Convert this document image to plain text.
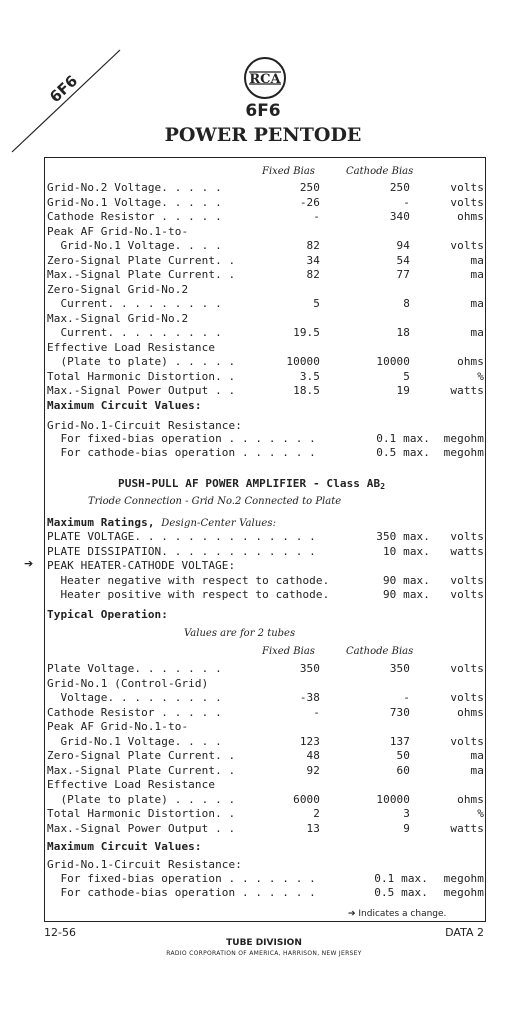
6F6	RCA
6F6
POWER PENTODE
Fixed Bias	Cathode Bias
Grid-No.2 Voltage. . . . .	250	250	volts
Grid-No.1 Voltage. . . . .	-26	-	volts
Cathode Resistor . . . . .	-	340	ohms
Peak AF Grid-No.1-to-
Grid-No.1 Voltage. . . .	82	94	volts
Zero-Signal Plate Current. .	34	54	ma
Max.-Signal Plate Current. .	82	77	ma
Zero-Signal Grid-No.2
Current. . . . . . . . .	5	8	ma
Max.-Signal Grid-No.2
Current. . . . . . . . .	19.5	18	ma
Effective Load Resistance
(Plate to plate) . . . . .	10000	10000	ohms
Total Harmonic Distortion. .	3.5	5	%
Max.-Signal Power Output . .	18.5	19	watts
Maximum Circuit Values:
Grid-No.1-Circuit Resistance:
For fixed-bias operation . . . . . . .	0.1 max.	megohm
For cathode-bias operation . . . . . .	0.5 max.	megohm
PUSH-PULL AF POWER AMPLIFIER - Class AB2
Triode Connection - Grid No.2 Connected to Plate
Maximum Ratings, Design-Center Values:
PLATE VOLTAGE. . . . . . . . . . . . . .	350 max.	volts
PLATE DISSIPATION. . . . . . . . . . . .	10 max.	watts
PEAK HEATER-CATHODE VOLTAGE:
Heater negative with respect to cathode.	90 max.	volts
Heater positive with respect to cathode.	90 max.	volts
➔
Typical Operation:
Values are for 2 tubes
Fixed Bias	Cathode Bias
Plate Voltage. . . . . . .	350	350	volts
Grid-No.1 (Control-Grid)
Voltage. . . . . . . . .	-38	-	volts
Cathode Resistor . . . . .	-	730	ohms
Peak AF Grid-No.1-to-
Grid-No.1 Voltage. . . .	123	137	volts
Zero-Signal Plate Current. .	48	50	ma
Max.-Signal Plate Current. .	92	60	ma
Effective Load Resistance
(Plate to plate) . . . . .	6000	10000	ohms
Total Harmonic Distortion. .	2	3	%
Max.-Signal Power Output . .	13	9	watts
Maximum Circuit Values:
Grid-No.1-Circuit Resistance:
For fixed-bias operation . . . . . . .	0.1 max.	megohm
For cathode-bias operation . . . . . .	0.5 max.	megohm
➔ Indicates a change.
12-56
TUBE DIVISION
RADIO CORPORATION OF AMERICA, HARRISON, NEW JERSEY
DATA 2
